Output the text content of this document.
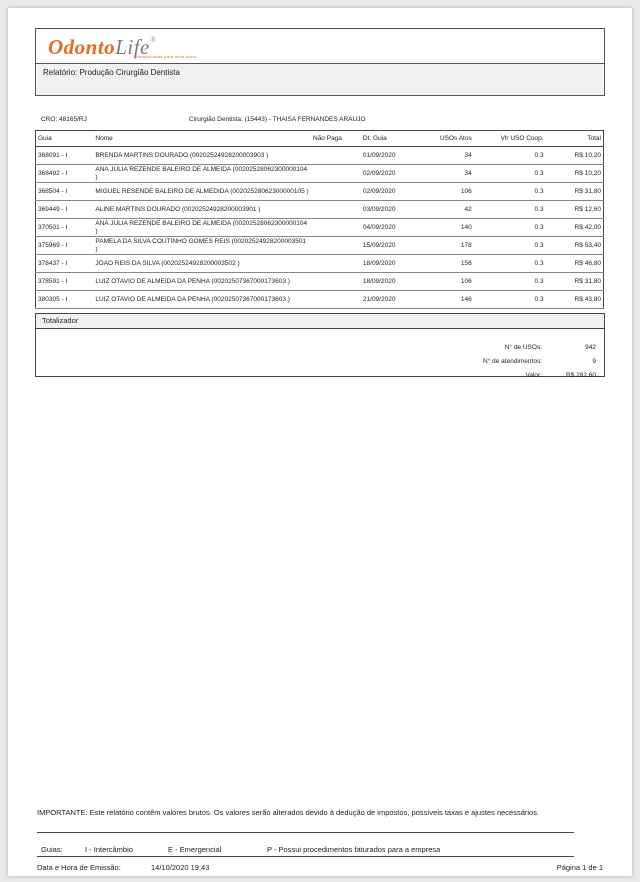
OdontoLife®
tranquilidade para você sorrir
Relatório: Produção Cirurgião Dentista
CRO: 48165/RJ	Cirurgião Dentista: (15443) - THAISA FERNANDES ARAUJO
Guia	Nome	Não Paga	Dt. Guia	USOs Atos	Vlr USO Coop.	Total
368091 - I	BRENDA MARTINS DOURADO (00202524928200003903 )		01/09/2020	34	0.3	R$ 10,20
368492 - I	ANA JULIA REZENDE BALEIRO DE ALMEIDA (00202528062300000104 )		02/09/2020	34	0.3	R$ 10,20
368504 - I	MIGUEL RESENDE BALEIRO DE ALMEDIDA (00202528062300000105 )		02/09/2020	106	0.3	R$ 31,80
369449 - I	ALINE MARTINS DOURADO (00202524928200003901 )		03/09/2020	42	0.3	R$ 12,60
370501 - I	ANA JULIA REZENDE BALEIRO DE ALMEIDA (00202528062300000104 )		04/09/2020	140	0.3	R$ 42,00
375969 - I	PAMELA DA SILVA COUTINHO GOMES REIS (00202524928200003501 )		15/09/2020	178	0.3	R$ 53,40
378437 - I	JOAO REIS DA SILVA (00202524928200003502 )		18/09/2020	156	0.3	R$ 46,80
378591 - I	LUIZ OTAVIO DE ALMEIDA DA PENHA (00202507367000173603 )		18/09/2020	106	0.3	R$ 31,80
380305 - I	LUIZ OTAVIO DE ALMEIDA DA PENHA (00202507367000173603 )		21/09/2020	146	0.3	R$ 43,80
Totalizador
N° de USOs:	942
N° de atendimentos:	9
Valor:	R$ 282,60
IMPORTANTE: Este relatório contêm valores brutos. Os valores serão alterados devido à dedução de impostos, possíveis taxas e ajustes necessários.
Guias:	I - Intercâmbio	E - Emergencial	P - Possui procedimentos faturados para a empresa
Data e Hora de Emissão:	14/10/2020 19:43	Página 1 de 1
